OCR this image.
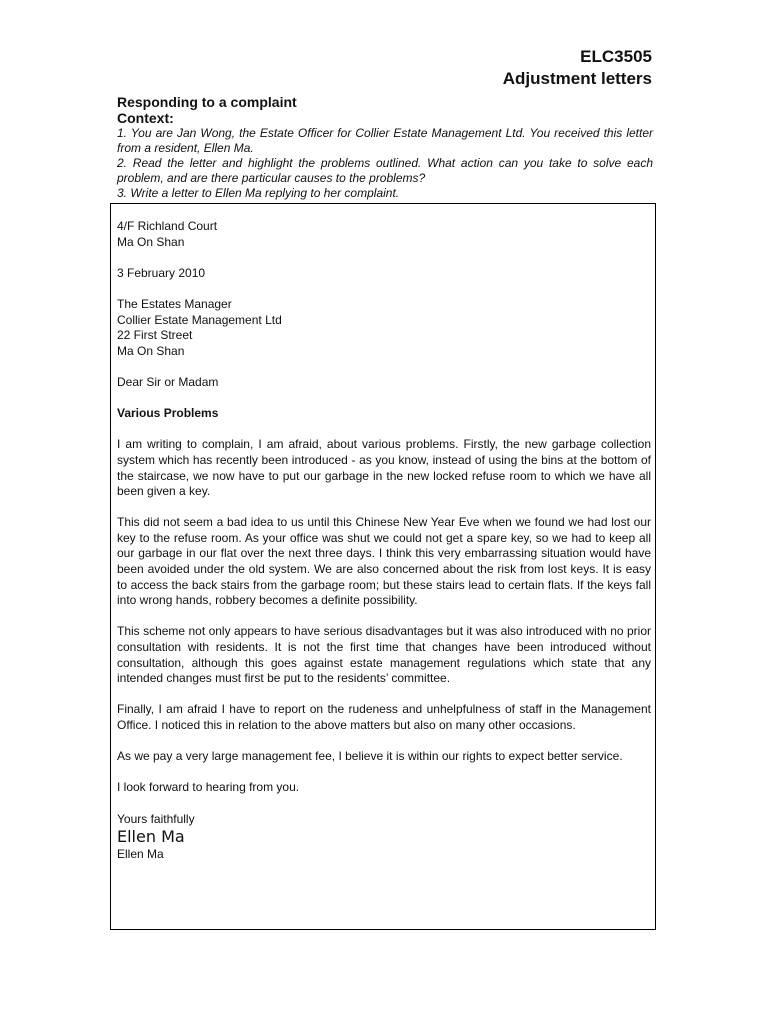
ELC3505
Adjustment letters

Responding to a complaint

Context:

1. You are Jan Wong, the Estate Officer for Collier Estate Management Ltd. You received this letter from a resident, Ellen Ma.

2. Read the letter and highlight the problems outlined. What action can you take to solve each problem, and are there particular causes to the problems?

3. Write a letter to Ellen Ma replying to her complaint.

4/F Richland Court
Ma On Shan

3 February 2010

The Estates Manager
Collier Estate Management Ltd
22 First Street
Ma On Shan

Dear Sir or Madam

Various Problems

I am writing to complain, I am afraid, about various problems. Firstly, the new garbage collection system which has recently been introduced - as you know, instead of using the bins at the bottom of the staircase, we now have to put our garbage in the new locked refuse room to which we have all been given a key.

This did not seem a bad idea to us until this Chinese New Year Eve when we found we had lost our key to the refuse room. As your office was shut we could not get a spare key, so we had to keep all our garbage in our flat over the next three days. I think this very embarrassing situation would have been avoided under the old system. We are also concerned about the risk from lost keys. It is easy to access the back stairs from the garbage room; but these stairs lead to certain flats. If the keys fall into wrong hands, robbery becomes a definite possibility.

This scheme not only appears to have serious disadvantages but it was also introduced with no prior consultation with residents. It is not the first time that changes have been introduced without consultation, although this goes against estate management regulations which state that any intended changes must first be put to the residents’ committee.

Finally, I am afraid I have to report on the rudeness and unhelpfulness of staff in the Management Office. I noticed this in relation to the above matters but also on many other occasions.

As we pay a very large management fee, I believe it is within our rights to expect better service.

I look forward to hearing from you.

Yours faithfully

Ellen Ma
Ellen Ma
